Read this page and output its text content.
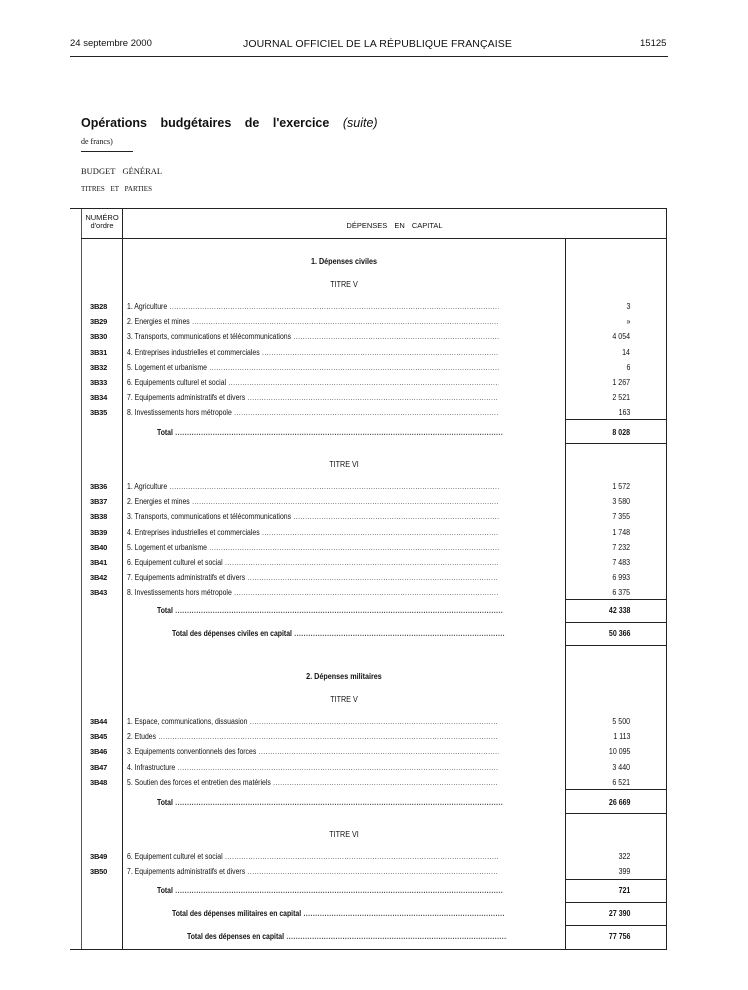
24 septembre 2000	JOURNAL OFFICIEL DE LA RÉPUBLIQUE FRANÇAISE	15125
Opérations budgétaires de l'exercice (suite)
de francs)
BUDGET GÉNÉRAL
TITRES ET PARTIES
NUMÉRO d'ordre	DÉPENSES EN CAPITAL
1. Dépenses civiles
TITRE V
3B28 1. Agriculture .....	3
3B29 2. Energies et mines .....	»
3B30 3. Transports, communications et télécommunications .....	4 054
3B31 4. Entreprises industrielles et commerciales .....	14
3B32 5. Logement et urbanisme .....	6
3B33 6. Equipements culturel et social .....	1 267
3B34 7. Equipements administratifs et divers .....	2 521
3B35 8. Investissements hors métropole .....	163
Total .....	8 028
TITRE VI
3B36 1. Agriculture .....	1 572
3B37 2. Energies et mines .....	3 580
3B38 3. Transports, communications et télécommunications .....	7 355
3B39 4. Entreprises industrielles et commerciales .....	1 748
3B40 5. Logement et urbanisme .....	7 232
3B41 6. Equipement culturel et social .....	7 483
3B42 7. Equipements administratifs et divers .....	6 993
3B43 8. Investissements hors métropole .....	6 375
Total .....	42 338
Total des dépenses civiles en capital .....	50 366
2. Dépenses militaires
TITRE V
3B44 1. Espace, communications, dissuasion .....	5 500
3B45 2. Etudes .....	1 113
3B46 3. Equipements conventionnels des forces .....	10 095
3B47 4. Infrastructure .....	3 440
3B48 5. Soutien des forces et entretien des matériels .....	6 521
Total .....	26 669
TITRE VI
3B49 6. Equipement culturel et social .....	322
3B50 7. Equipements administratifs et divers .....	399
Total .....	721
Total des dépenses militaires en capital .....	27 390
Total des dépenses en capital .....	77 756
